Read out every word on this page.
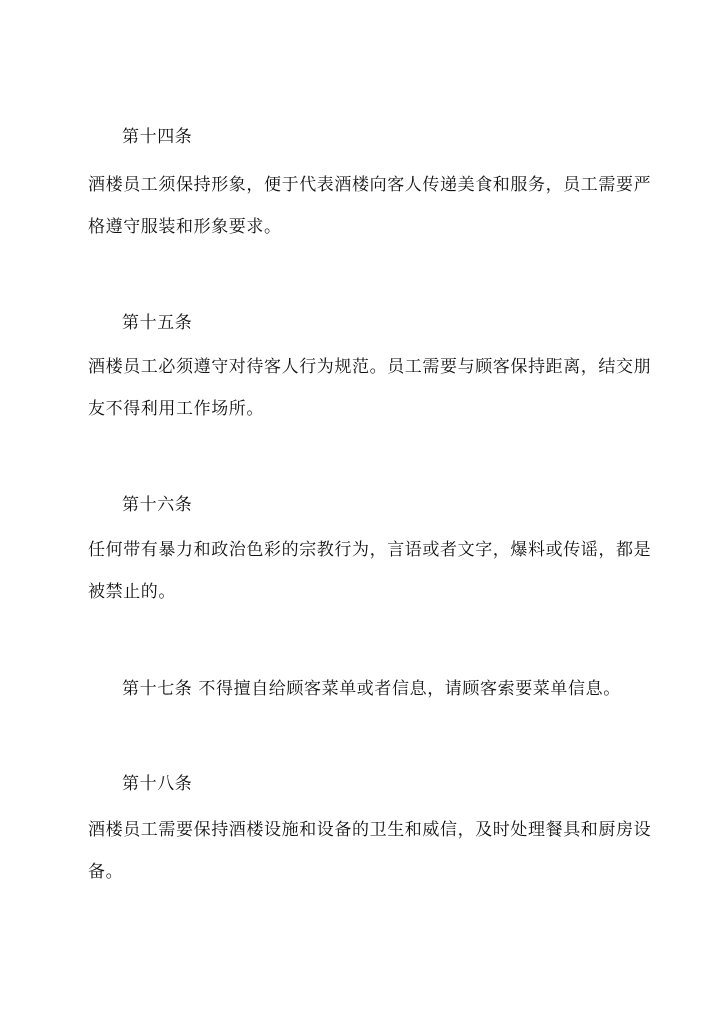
第十四条
酒楼员工须保持形象，便于代表酒楼向客人传递美食和服务，员工需要严
格遵守服装和形象要求。
第十五条
酒楼员工必须遵守对待客人行为规范。员工需要与顾客保持距离，结交朋
友不得利用工作场所。
第十六条
任何带有暴力和政治色彩的宗教行为，言语或者文字，爆料或传谣，都是
被禁止的。
第十七条 不得擅自给顾客菜单或者信息，请顾客索要菜单信息。
第十八条
酒楼员工需要保持酒楼设施和设备的卫生和威信，及时处理餐具和厨房设
备。
